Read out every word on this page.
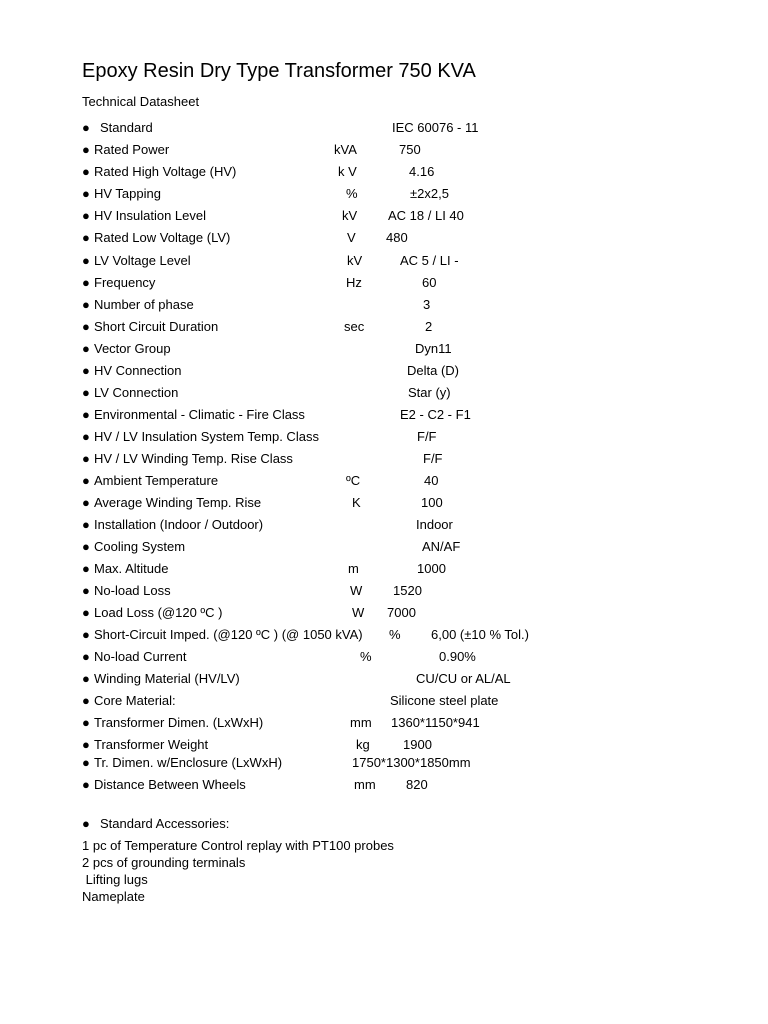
Epoxy Resin Dry Type Transformer 750 KVA
Technical Datasheet
● Standard	IEC 60076 - 11
● Rated Power	kVA	750
● Rated High Voltage (HV)	k V	4.16
● HV Tapping	%	±2x2,5
● HV Insulation Level	kV AC 18 / LI 40
● Rated Low Voltage (LV)	V 480
● LV Voltage Level	kV	AC 5 / LI -
● Frequency	Hz	60
● Number of phase	3
● Short Circuit Duration	sec	2
● Vector Group	Dyn11
● HV Connection	Delta (D)
● LV Connection	Star (y)
● Environmental - Climatic - Fire Class	E2 - C2 - F1
● HV / LV Insulation System Temp. Class	F/F
● HV / LV Winding Temp. Rise Class	F/F
● Ambient Temperature	ºC	40
● Average Winding Temp. Rise	K	100
● Installation (Indoor / Outdoor)	Indoor
● Cooling System	AN/AF
● Max. Altitude	m	1000
● No-load Loss	W 1520
● Load Loss (@120 ºC )	W 7000
● Short-Circuit Imped. (@120 ºC ) (@ 1050 kVA) % 6,00 (±10 % Tol.)
● No-load Current	%	0.90%
● Winding Material (HV/LV)	CU/CU or AL/AL
● Core Material:	Silicone steel plate
● Transformer Dimen. (LxWxH)	mm 1360*1150*941
● Transformer Weight	kg	1900
● Tr. Dimen. w/Enclosure (LxWxH)	1750*1300*1850mm
● Distance Between Wheels	mm 820
● Standard Accessories:
1 pc of Temperature Control replay with PT100 probes
2 pcs of grounding terminals
Lifting lugs
Nameplate
